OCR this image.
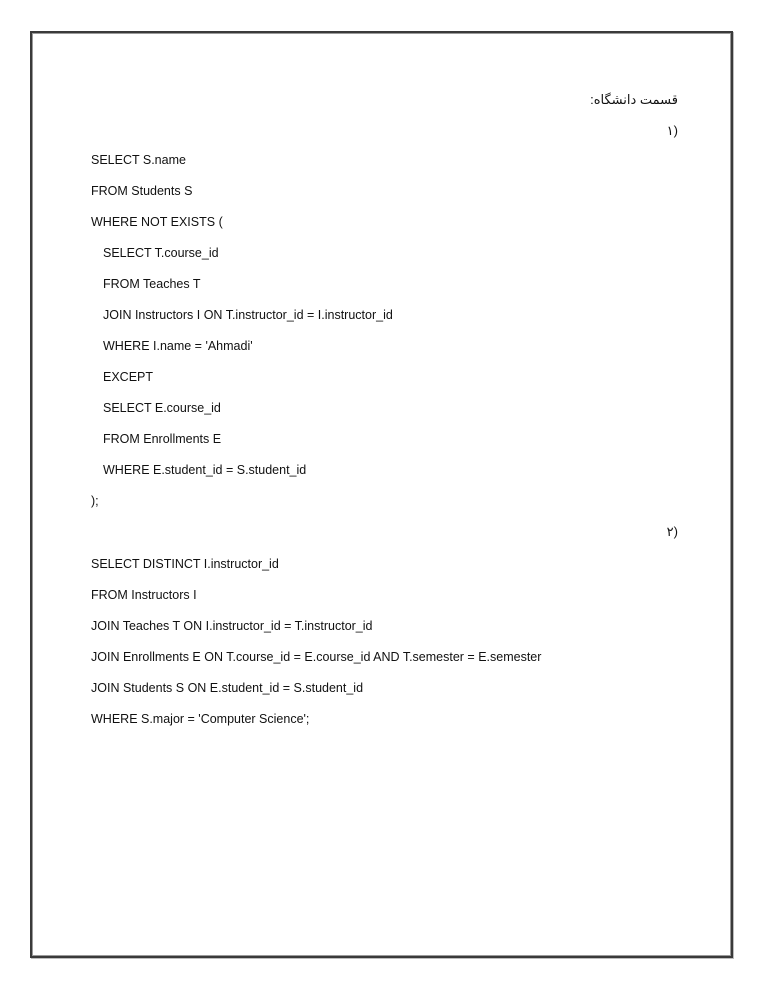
قسمت دانشگاه:
(۱
SELECT S.name
FROM Students S
WHERE NOT EXISTS (
SELECT T.course_id
FROM Teaches T
JOIN Instructors I ON T.instructor_id = I.instructor_id
WHERE I.name = 'Ahmadi'
EXCEPT
SELECT E.course_id
FROM Enrollments E
WHERE E.student_id = S.student_id
);
(۲
SELECT DISTINCT I.instructor_id
FROM Instructors I
JOIN Teaches T ON I.instructor_id = T.instructor_id
JOIN Enrollments E ON T.course_id = E.course_id AND T.semester = E.semester
JOIN Students S ON E.student_id = S.student_id
WHERE S.major = 'Computer Science';
